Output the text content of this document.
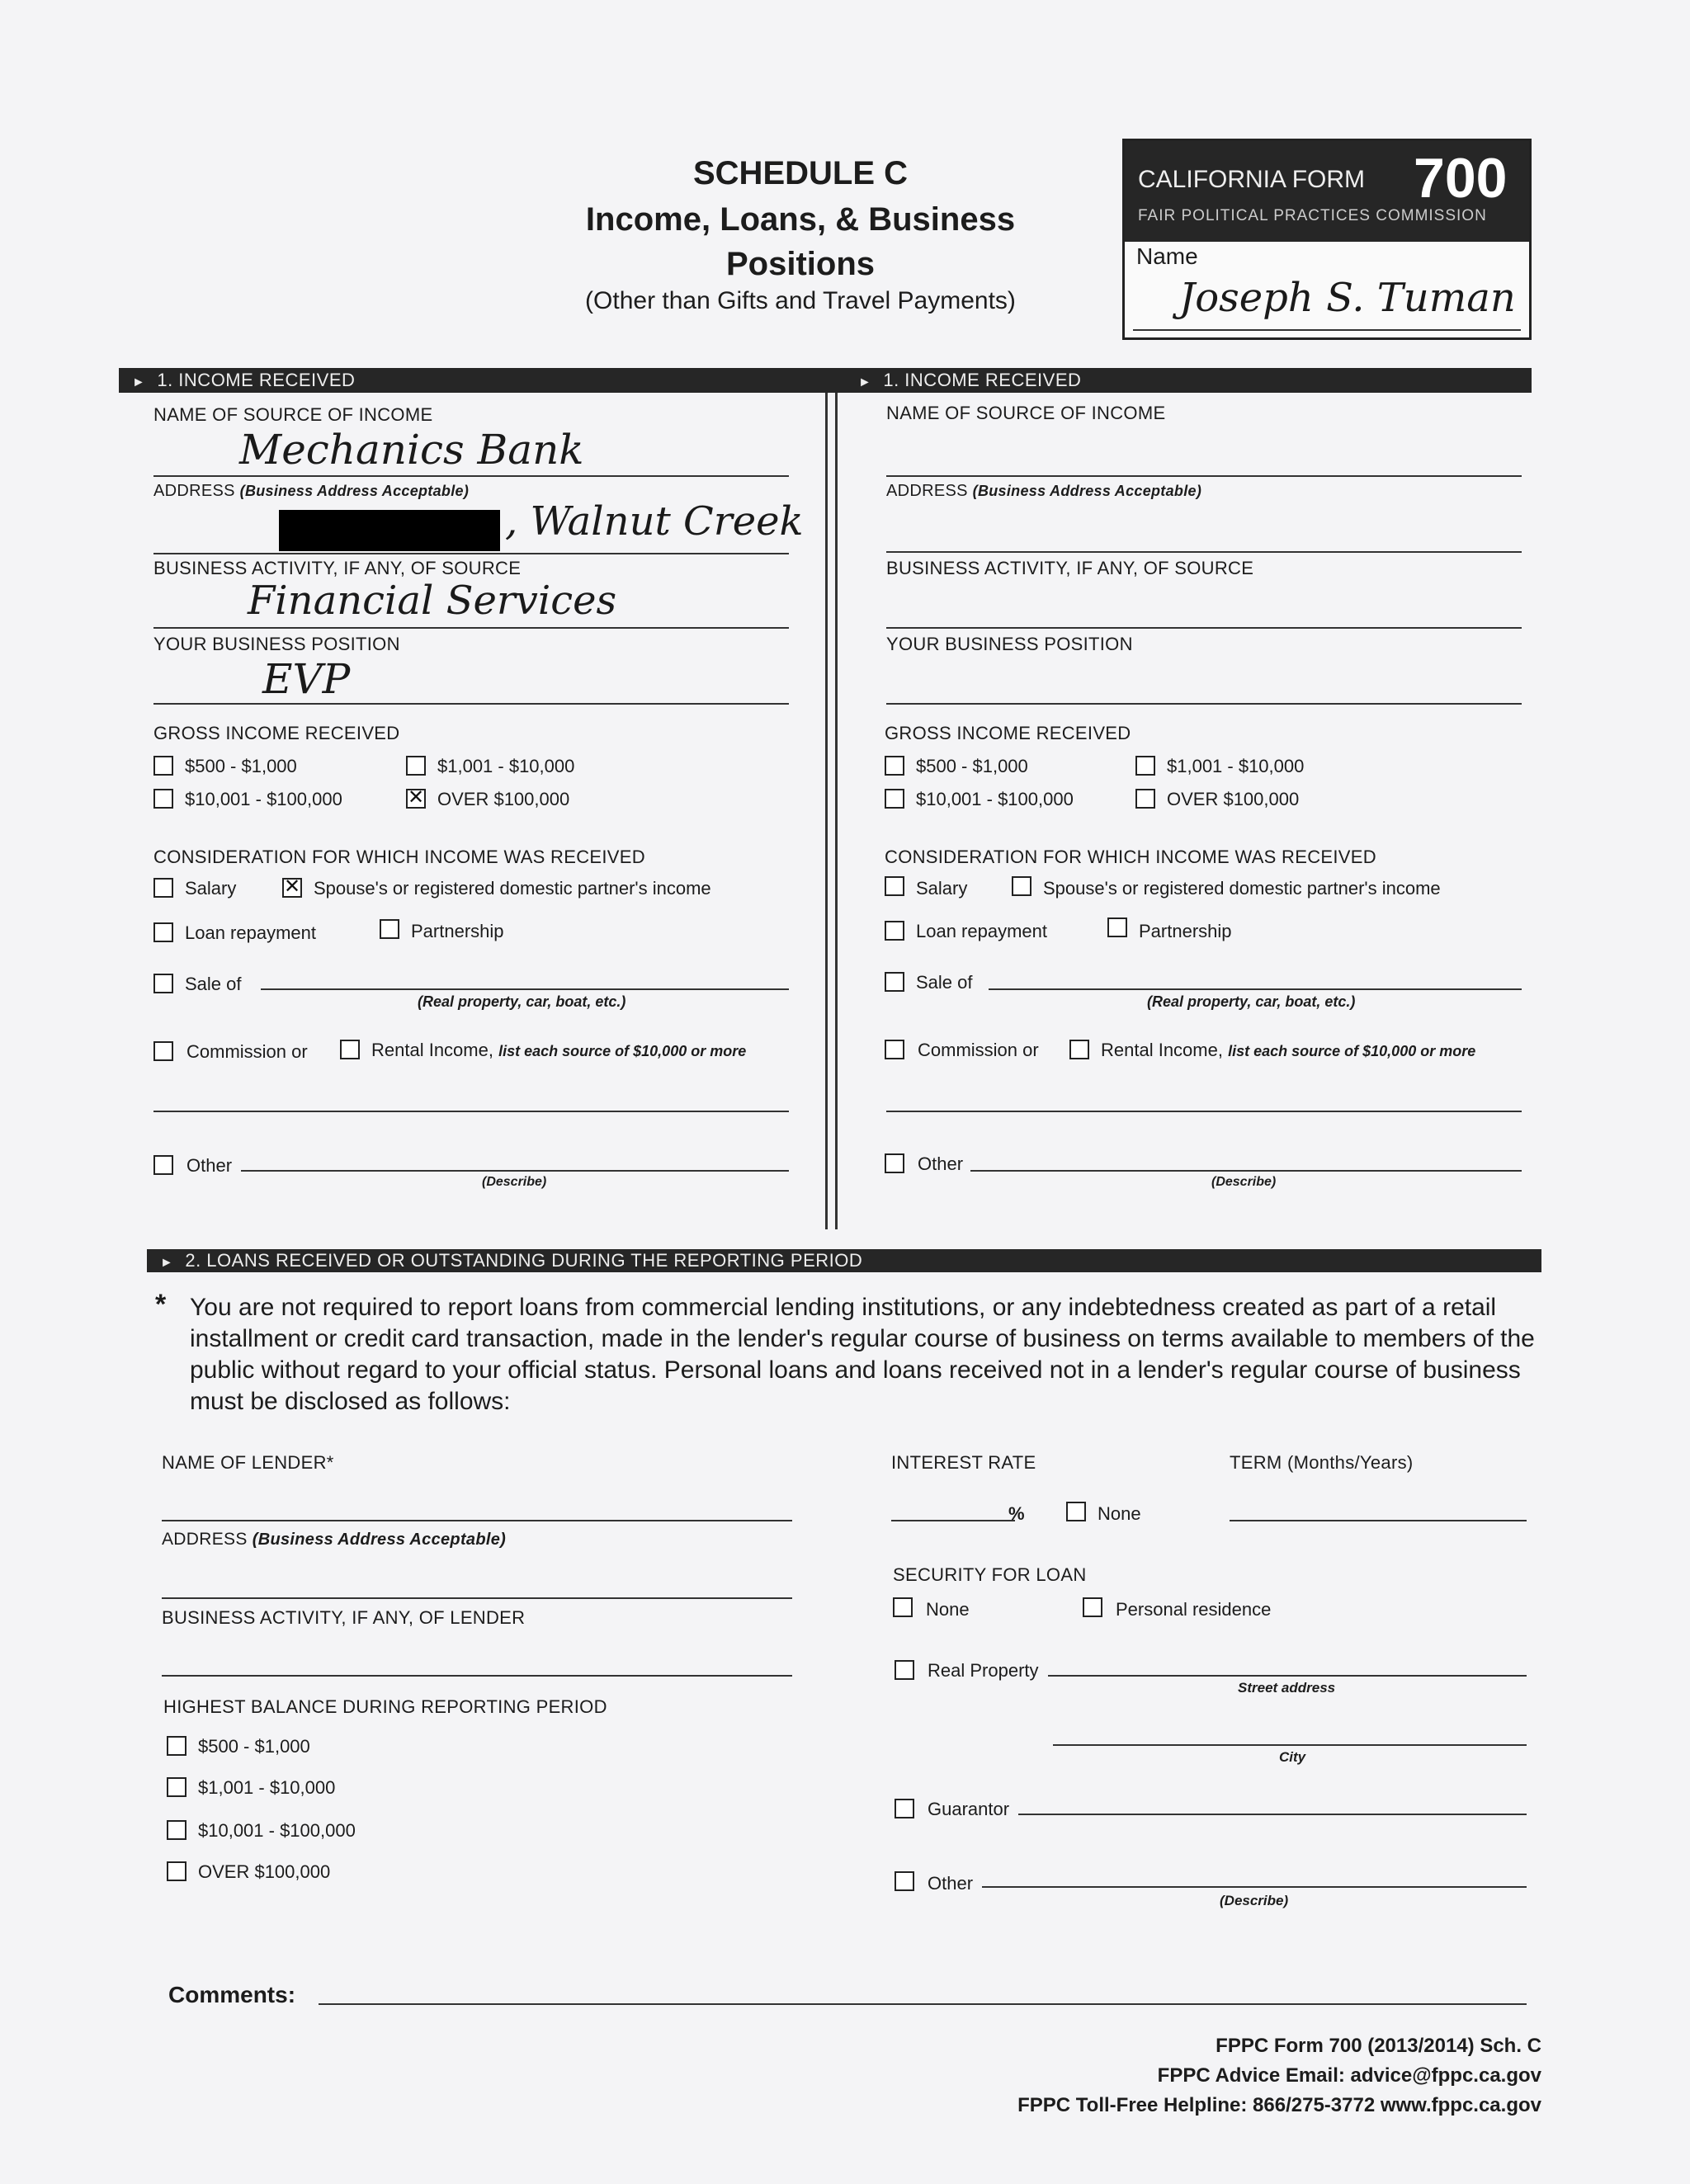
SCHEDULE C
Income, Loans, & Business
Positions
(Other than Gifts and Travel Payments)
CALIFORNIA FORM 700
FAIR POLITICAL PRACTICES COMMISSION
Name
Joseph S. Tuman
► 1. INCOME RECEIVED	► 1. INCOME RECEIVED
NAME OF SOURCE OF INCOME
Mechanics Bank
ADDRESS (Business Address Acceptable)
, Walnut Creek
BUSINESS ACTIVITY, IF ANY, OF SOURCE
Financial Services
YOUR BUSINESS POSITION
EVP
GROSS INCOME RECEIVED
$500 - $1,000	$1,001 - $10,000
$10,001 - $100,000 ✕	OVER $100,000
CONSIDERATION FOR WHICH INCOME WAS RECEIVED
Salary ✕	Spouse's or registered domestic partner's income
Loan repayment	Partnership
Sale of
(Real property, car, boat, etc.)
Commission or	Rental Income, list each source of $10,000 or more
Other
(Describe)
NAME OF SOURCE OF INCOME
ADDRESS (Business Address Acceptable)
BUSINESS ACTIVITY, IF ANY, OF SOURCE
YOUR BUSINESS POSITION
GROSS INCOME RECEIVED
$500 - $1,000	$1,001 - $10,000
$10,001 - $100,000	OVER $100,000
CONSIDERATION FOR WHICH INCOME WAS RECEIVED
Salary	Spouse's or registered domestic partner's income
Loan repayment	Partnership
Sale of
(Real property, car, boat, etc.)
Commission or	Rental Income, list each source of $10,000 or more
Other
(Describe)
► 2. LOANS RECEIVED OR OUTSTANDING DURING THE REPORTING PERIOD
* You are not required to report loans from commercial lending institutions, or any indebtedness created as part of a retail installment or credit card transaction, made in the lender's regular course of business on terms available to members of the public without regard to your official status. Personal loans and loans received not in a lender's regular course of business must be disclosed as follows:
NAME OF LENDER*
ADDRESS (Business Address Acceptable)
BUSINESS ACTIVITY, IF ANY, OF LENDER
HIGHEST BALANCE DURING REPORTING PERIOD
$500 - $1,000
$1,001 - $10,000
$10,001 - $100,000
OVER $100,000
INTEREST RATE
%	None
TERM (Months/Years)
SECURITY FOR LOAN
None	Personal residence
Real Property
Street address
City
Guarantor
Other
(Describe)
Comments:
FPPC Form 700 (2013/2014) Sch. C
FPPC Advice Email: advice@fppc.ca.gov
FPPC Toll-Free Helpline: 866/275-3772 www.fppc.ca.gov
